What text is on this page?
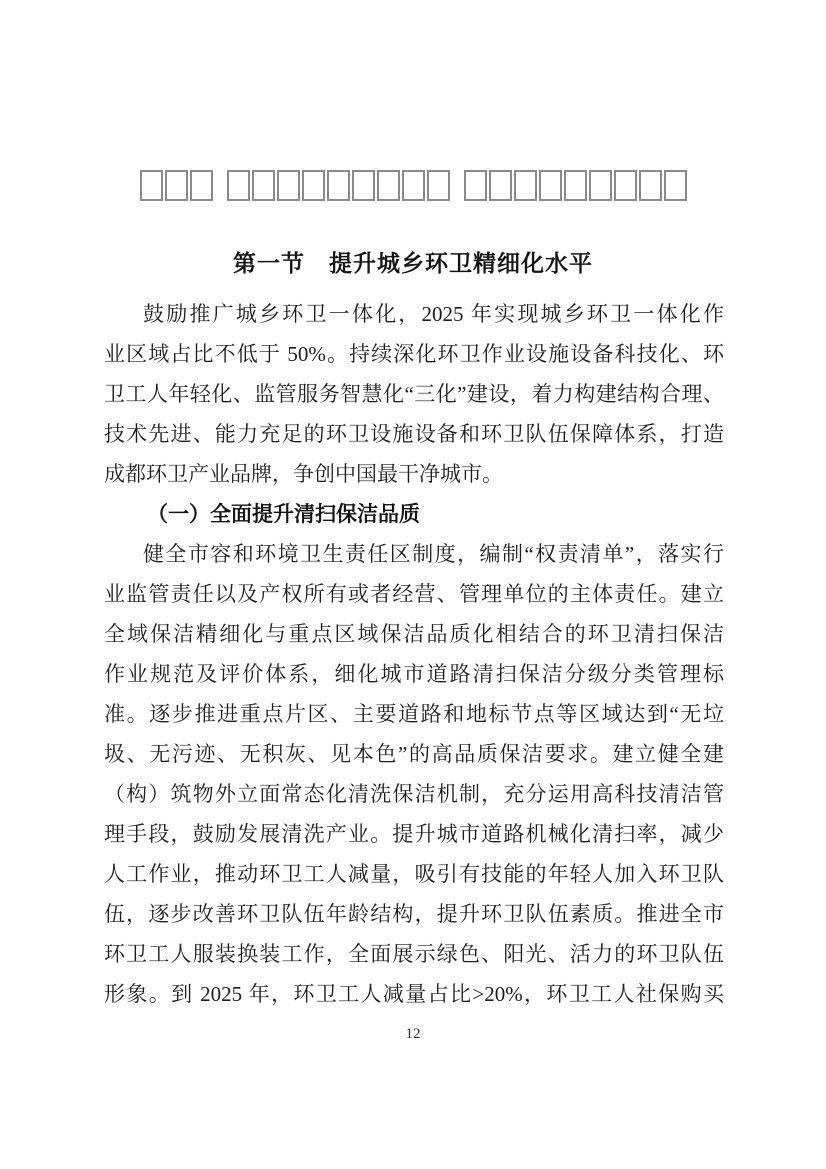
第一节　提升城乡环卫精细化水平
鼓励推广城乡环卫一体化，2025 年实现城乡环卫一体化作
业区域占比不低于 50%。持续深化环卫作业设施设备科技化、环
卫工人年轻化、监管服务智慧化“三化”建设，着力构建结构合理、
技术先进、能力充足的环卫设施设备和环卫队伍保障体系，打造
成都环卫产业品牌，争创中国最干净城市。
（一）全面提升清扫保洁品质
健全市容和环境卫生责任区制度，编制“权责清单”，落实行
业监管责任以及产权所有或者经营、管理单位的主体责任。建立
全域保洁精细化与重点区域保洁品质化相结合的环卫清扫保洁
作业规范及评价体系，细化城市道路清扫保洁分级分类管理标
准。逐步推进重点片区、主要道路和地标节点等区域达到“无垃
圾、无污迹、无积灰、见本色”的高品质保洁要求。建立健全建
（构）筑物外立面常态化清洗保洁机制，充分运用高科技清洁管
理手段，鼓励发展清洗产业。提升城市道路机械化清扫率，减少
人工作业，推动环卫工人减量，吸引有技能的年轻人加入环卫队
伍，逐步改善环卫队伍年龄结构，提升环卫队伍素质。推进全市
环卫工人服装换装工作，全面展示绿色、阳光、活力的环卫队伍
形象。到 2025 年，环卫工人减量占比>20%，环卫工人社保购买
12
